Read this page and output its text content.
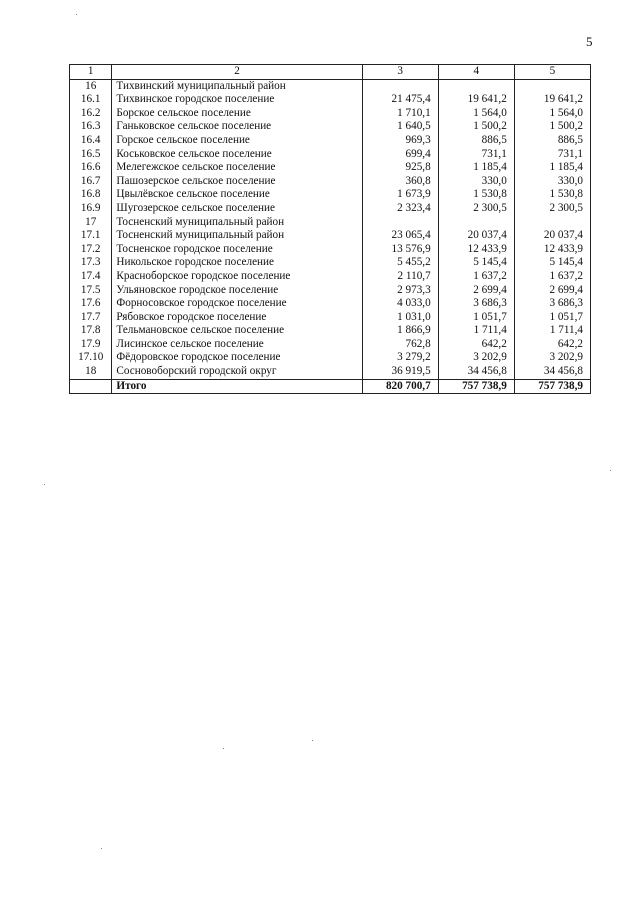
5
1	2	3	4	5
16	Тихвинский муниципальный район			
16.1	Тихвинское городское поселение	21 475,4	19 641,2	19 641,2
16.2	Борское сельское поселение	1 710,1	1 564,0	1 564,0
16.3	Ганьковское сельское поселение	1 640,5	1 500,2	1 500,2
16.4	Горское сельское поселение	969,3	886,5	886,5
16.5	Коськовское сельское поселение	699,4	731,1	731,1
16.6	Мелегежское сельское поселение	925,8	1 185,4	1 185,4
16.7	Пашозерское сельское поселение	360,8	330,0	330,0
16.8	Цвылёвское сельское поселение	1 673,9	1 530,8	1 530,8
16.9	Шугозерское сельское поселение	2 323,4	2 300,5	2 300,5
17	Тосненский муниципальный район			
17.1	Тосненский муниципальный район	23 065,4	20 037,4	20 037,4
17.2	Тосненское городское поселение	13 576,9	12 433,9	12 433,9
17.3	Никольское городское поселение	5 455,2	5 145,4	5 145,4
17.4	Красноборское городское поселение	2 110,7	1 637,2	1 637,2
17.5	Ульяновское городское поселение	2 973,3	2 699,4	2 699,4
17.6	Форносовское городское поселение	4 033,0	3 686,3	3 686,3
17.7	Рябовское городское поселение	1 031,0	1 051,7	1 051,7
17.8	Тельмановское сельское поселение	1 866,9	1 711,4	1 711,4
17.9	Лисинское сельское поселение	762,8	642,2	642,2
17.10	Фёдоровское городское поселение	3 279,2	3 202,9	3 202,9
18	Сосновоборский городской округ	36 919,5	34 456,8	34 456,8
	Итого	820 700,7	757 738,9	757 738,9
